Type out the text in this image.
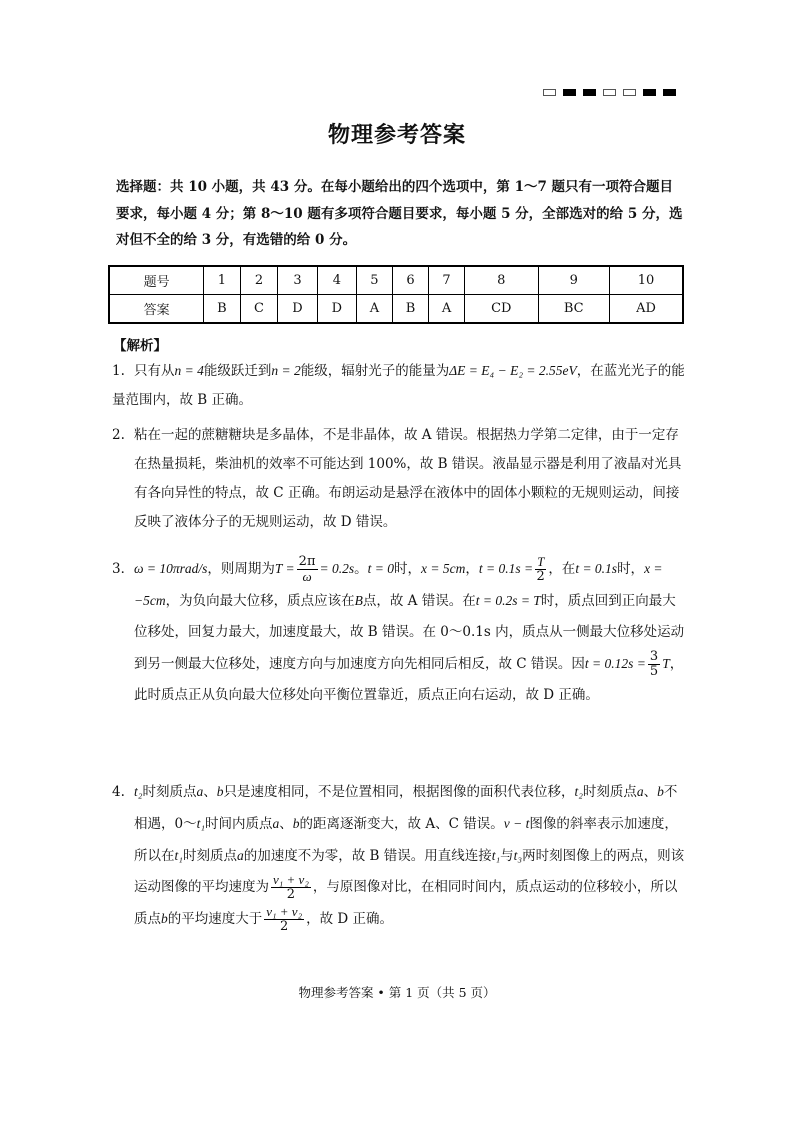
物理参考答案
选择题：共 10 小题，共 43 分。在每小题给出的四个选项中，第 1～7 题只有一项符合题目要求，每小题 4 分；第 8～10 题有多项符合题目要求，每小题 5 分，全部选对的给 5 分，选对但不全的给 3 分，有选错的给 0 分。
题号	1	2	3	4	5	6	7	8	9	10
答案	B	C	D	D	A	B	A	CD	BC	AD
【解析】
1. 只有从n = 4能级跃迁到n = 2能级，辐射光子的能量为ΔE = E₄ − E₂ = 2.55eV，在蓝光光子的能量范围内，故 B 正确。
2. 粘在一起的蔗糖糖块是多晶体，不是非晶体，故 A 错误。根据热力学第二定律，由于一定存在热量损耗，柴油机的效率不可能达到 100%，故 B 错误。液晶显示器是利用了液晶对光具有各向异性的特点，故 C 正确。布朗运动是悬浮在液体中的固体小颗粒的无规则运动，间接反映了液体分子的无规则运动，故 D 错误。
3．ω = 10πrad/s，则周期为$T = \frac{2\pi}{\omega} = 0.2s$。t = 0时，x = 5cm，$t = 0.1s = \frac{T}{2}$ ，在t = 0.1s时，x = −5cm，为负向最大位移，质点应该在B点，故 A 错误。在t = 0.2s = T时，质点回到正向最大位移处，回复力最大，加速度最大，故 B 错误。在 0～0.1s 内，质点从一侧最大位移处运动到另一侧最大位移处，速度方向与加速度方向先相同后相反，故 C 错误。因$t = 0.12s = \frac{3}{5}$ T，此时质点正从负向最大位移处向平衡位置靠近，质点正向右运动，故 D 正确。
4. t₂时刻质点a、b只是速度相同，不是位置相同，根据图像的面积代表位移，t₂时刻质点a、b不相遇，0～t₁时间内质点a、b的距离逐渐变大，故 A、C 错误。v − t图像的斜率表示加速度，所以在t₁时刻质点a的加速度不为零，故 B 错误。用直线连接t₁与t₃两时刻图像上的两点，则该运动图像的平均速度为 $\frac{\text{v₁ + v₂}}{2}$ ，与原图像对比，在相同时间内，质点运动的位移较小，所以质点b的平均速度大于 $\frac{\text{v₁ + v₂}}{2}$ ，故 D 正确。
物理参考答案 • 第 1 页（共 5 页）
